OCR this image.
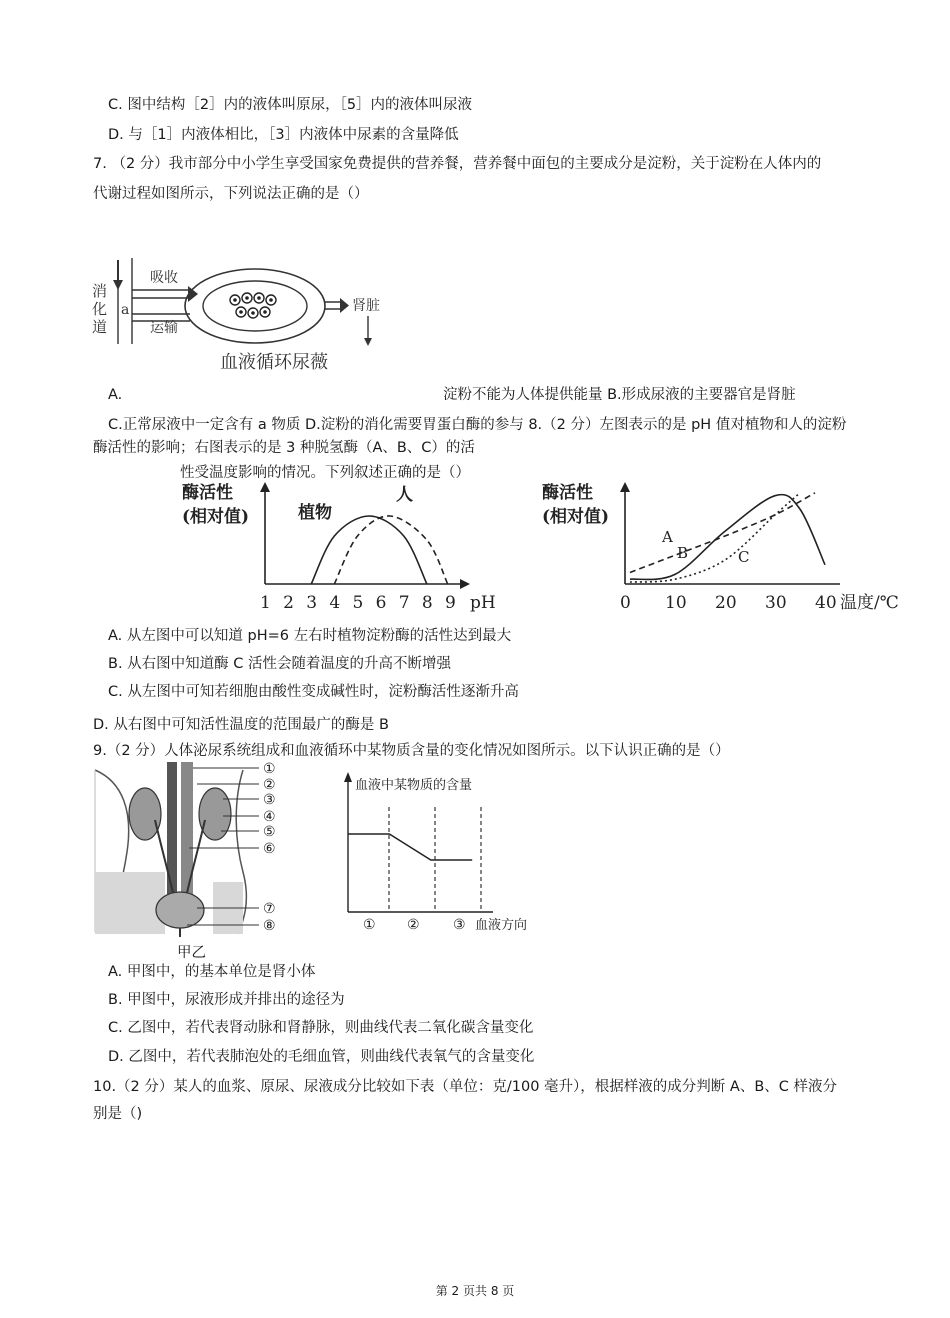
C. 图中结构［2］内的液体叫原尿，［5］内的液体叫尿液
D. 与［1］内液体相比，［3］内液体中尿素的含量降低
7. （2 分）我市部分中小学生享受国家免费提供的营养餐，营养餐中面包的主要成分是淀粉，关于淀粉在人体内的
代谢过程如图所示，下列说法正确的是（）
消
化
道
a
吸收
运输
肾脏
血液循环尿薇
A.	淀粉不能为人体提供能量 B.形成尿液的主要器官是肾脏
C.正常尿液中一定含有 a 物质 D.淀粉的消化需要胃蛋白酶的参与 8.（2 分）左图表示的是 pH 值对植物和人的淀粉
酶活性的影响；右图表示的是 3 种脱氢酶（A、B、C）的活
性受温度影响的情况。下列叙述正确的是（）
酶活性
(相对值)
1 2 3 4 5 6 7 8 9
植物
人
pH
酶活性
(相对值)
0 10 20 30 40
A
B	C
温度/℃
A. 从左图中可以知道 pH=6 左右时植物淀粉酶的活性达到最大
B. 从右图中知道酶 C 活性会随着温度的升高不断增强
C. 从左图中可知若细胞由酸性变成碱性时，淀粉酶活性逐渐升高
D. 从右图中可知活性温度的范围最广的酶是 B
9.（2 分）人体泌尿系统组成和血液循环中某物质含量的变化情况如图所示。以下认识正确的是（）
①
②
③
④
⑤
⑥
⑦
⑧
血液中某物质的含量
① ② ③ 血液方向
甲乙
A. 甲图中，的基本单位是肾小体
B. 甲图中，尿液形成并排出的途径为
C. 乙图中，若代表肾动脉和肾静脉，则曲线代表二氧化碳含量变化
D. 乙图中，若代表肺泡处的毛细血管，则曲线代表氧气的含量变化
10.（2 分）某人的血浆、原尿、尿液成分比较如下表（单位：克/100 毫升），根据样液的成分判断 A、B、C 样液分
别是（)
第 2 页共 8 页
